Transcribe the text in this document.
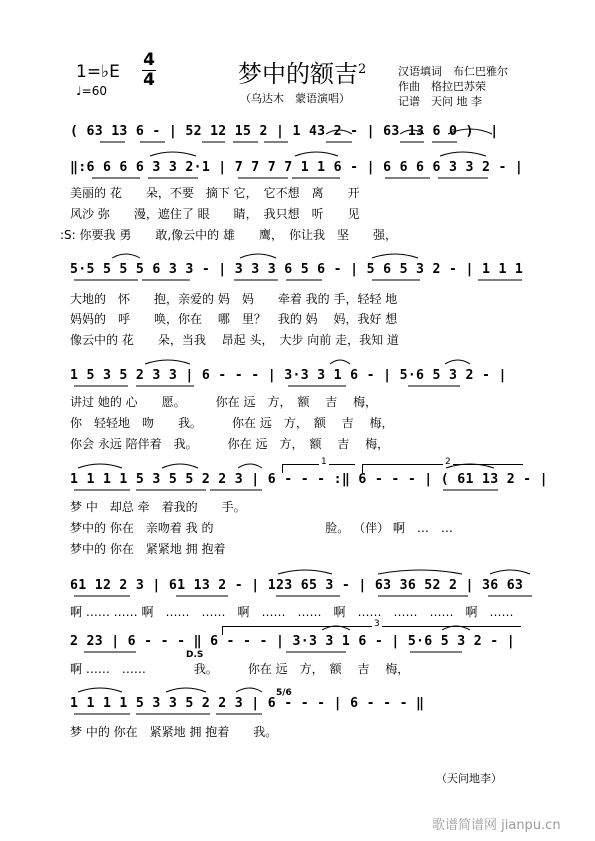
1=♭E
♩=60
4
4	梦中的额吉$^2$
（乌达木　蒙语演唱）
汉语填词　布仁巴雅尔
作曲　格拉巴苏荣
记谱　天问 地 李
( 63 13 6 - | 52 12 15 2 | 1 43 2 - | 63 13 6 0 )  |
‖:6 6 6 6 3 3 2·1 | 7 7 7 7 1 1 6 - | 6 6 6 6 3 3 2 - |
美丽的 花　　朵，不要　摘下 它，　它不想　离　　开
风沙 弥　　漫，遮住了 眼　　睛，　我只想　听　　见
:S: 你要我 勇　　敢,像云中的 雄　　鹰，　你让我　坚　　强，
5·5 5 5 5 6 3 3 - | 3 3 3 6 5 6 - | 5 6 5 3 2 - | 1 1 1
大地的　怀　　抱，亲爱的 妈　妈　　牵着 我的 手，轻轻 地
妈妈的　呼　　唤，你在　 哪　里？　我的 妈　 妈，我好 想
像云中的 花　　朵，当我　 昂起 头，　大步 向前 走，我知 道
1 5 3 5 2 3 3 | 6 - - - | 3·3 3 1 6 - | 5·6 5 3 2 - |
讲过 她的 心　　愿。　　　你在 远　方，　额　 吉　 梅，
你　轻轻地　吻　　我。　　　你在 远　方，　额　 吉　 梅，
你会 永远 陪伴着　我。　　　你在 远　方，　额　 吉　 梅，
1	2
1 1 1 1 5 3 5 5 2 2 3 | 6 - - - :‖ 6 - - - | ( 61 13 2 - |
梦 中　却总 牵　着我的　　手。
梦中的 你在　亲吻着 我 的　　　　　　　　　 脸。 （伴） 啊　…　…
梦中的 你在　紧紧地 拥 抱着
61 12 2 3 | 61 13 2 - | 123 65 3 - | 63 36 52 2 | 36 63
啊 …… …… 啊　……　……　啊　……　……　啊　……　……　……　啊　……
3
2 23 | 6 - - - ‖ 6 - - - | 3·3 3 1 6 - | 5·6 5 3 2 - |
D.S
啊 ……　……　　　　我。　　　你在 远　方，　额　 吉　 梅，
5/6
1 1 1 1 5 3 3 5 2 2 3 | 6 - - - | 6 - - - ‖
梦 中的 你在　紧紧地 拥 抱着　　我。
（天问地李）
歌谱简谱网 jianpu.cn
